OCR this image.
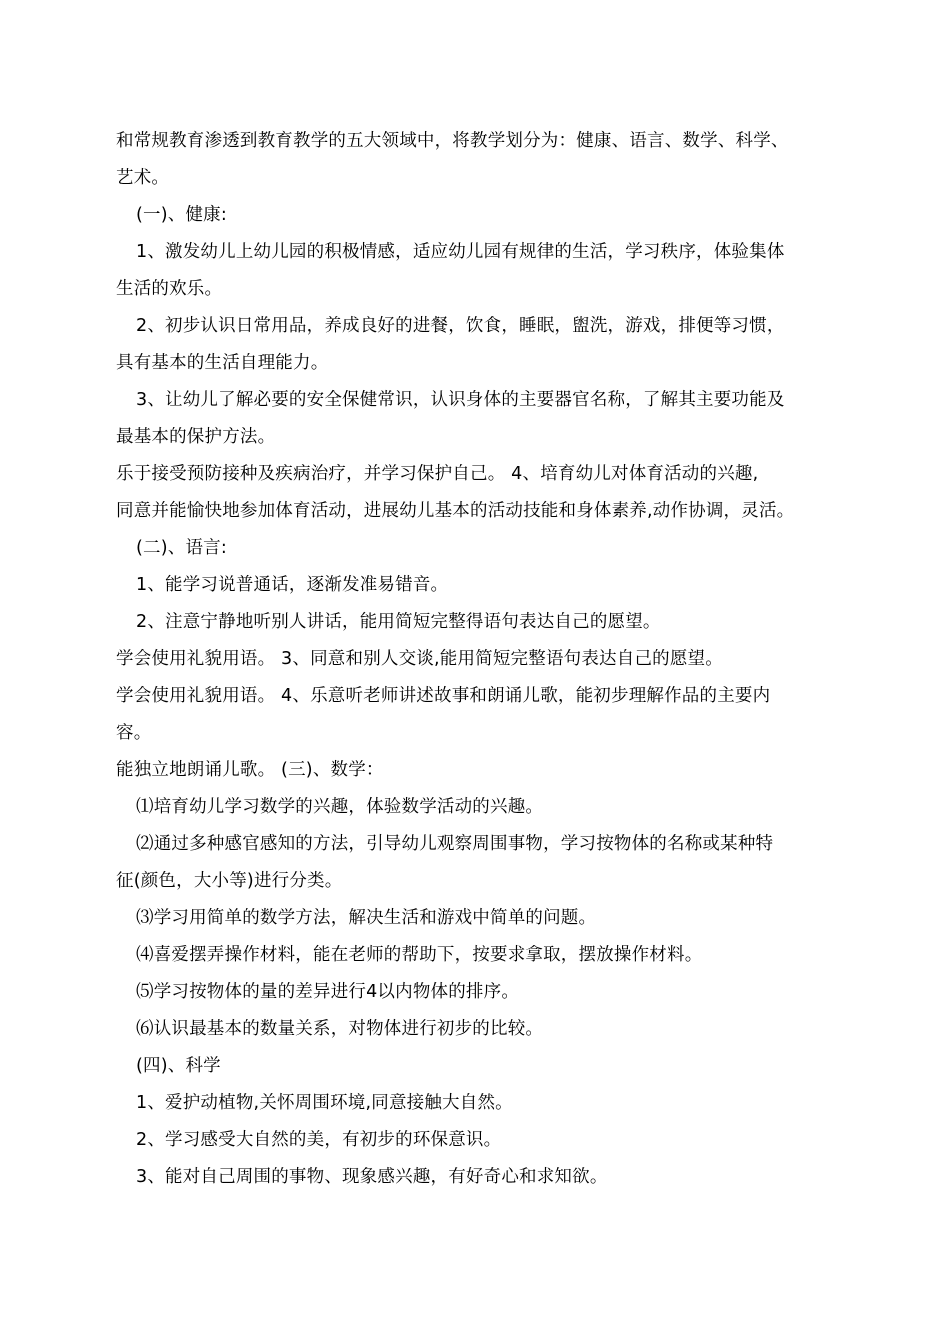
和常规教育渗透到教育教学的五大领域中，将教学划分为：健康、语言、数学、科学、
艺术。
(一)、健康:
1、激发幼儿上幼儿园的积极情感，适应幼儿园有规律的生活，学习秩序，体验集体
生活的欢乐。
2、初步认识日常用品，养成良好的进餐，饮食，睡眠，盥洗，游戏，排便等习惯，
具有基本的生活自理能力。
3、让幼儿了解必要的安全保健常识，认识身体的主要器官名称，了解其主要功能及
最基本的保护方法。
乐于接受预防接种及疾病治疗，并学习保护自己。 4、培育幼儿对体育活动的兴趣,
同意并能愉快地参加体育活动，进展幼儿基本的活动技能和身体素养,动作协调，灵活。
(二)、语言:
1、能学习说普通话，逐渐发准易错音。
2、注意宁静地听别人讲话，能用简短完整得语句表达自己的愿望。
学会使用礼貌用语。 3、同意和别人交谈,能用简短完整语句表达自己的愿望。
学会使用礼貌用语。 4、乐意听老师讲述故事和朗诵儿歌，能初步理解作品的主要内
容。
能独立地朗诵儿歌。 (三)、数学：
⑴培育幼儿学习数学的兴趣，体验数学活动的兴趣。
⑵通过多种感官感知的方法，引导幼儿观察周围事物，学习按物体的名称或某种特
征(颜色，大小等)进行分类。
⑶学习用简单的数学方法，解决生活和游戏中简单的问题。
⑷喜爱摆弄操作材料，能在老师的帮助下，按要求拿取，摆放操作材料。
⑸学习按物体的量的差异进行4以内物体的排序。
⑹认识最基本的数量关系，对物体进行初步的比较。
(四)、科学
1、爱护动植物,关怀周围环境,同意接触大自然。
2、学习感受大自然的美，有初步的环保意识。
3、能对自己周围的事物、现象感兴趣，有好奇心和求知欲。
